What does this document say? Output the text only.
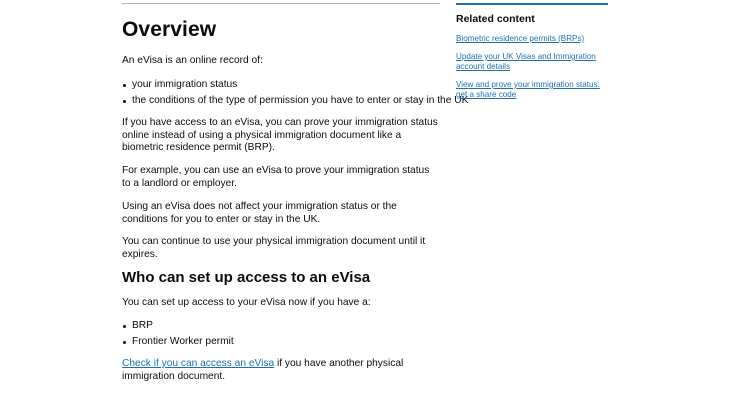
Overview

An eVisa is an online record of:

your immigration status
the conditions of the type of permission you have to enter or stay in the UK

If you have access to an eVisa, you can prove your immigration status online instead of using a physical immigration document like a biometric residence permit (BRP).

For example, you can use an eVisa to prove your immigration status to a landlord or employer.

Using an eVisa does not affect your immigration status or the conditions for you to enter or stay in the UK.

You can continue to use your physical immigration document until it expires.

Who can set up access to an eVisa

You can set up access to your eVisa now if you have a:

BRP
Frontier Worker permit

Check if you can access an eVisa if you have another physical immigration document.

Related content
Biometric residence permits (BRPs)
Update your UK Visas and Immigration account details
View and prove your immigration status: get a share code
